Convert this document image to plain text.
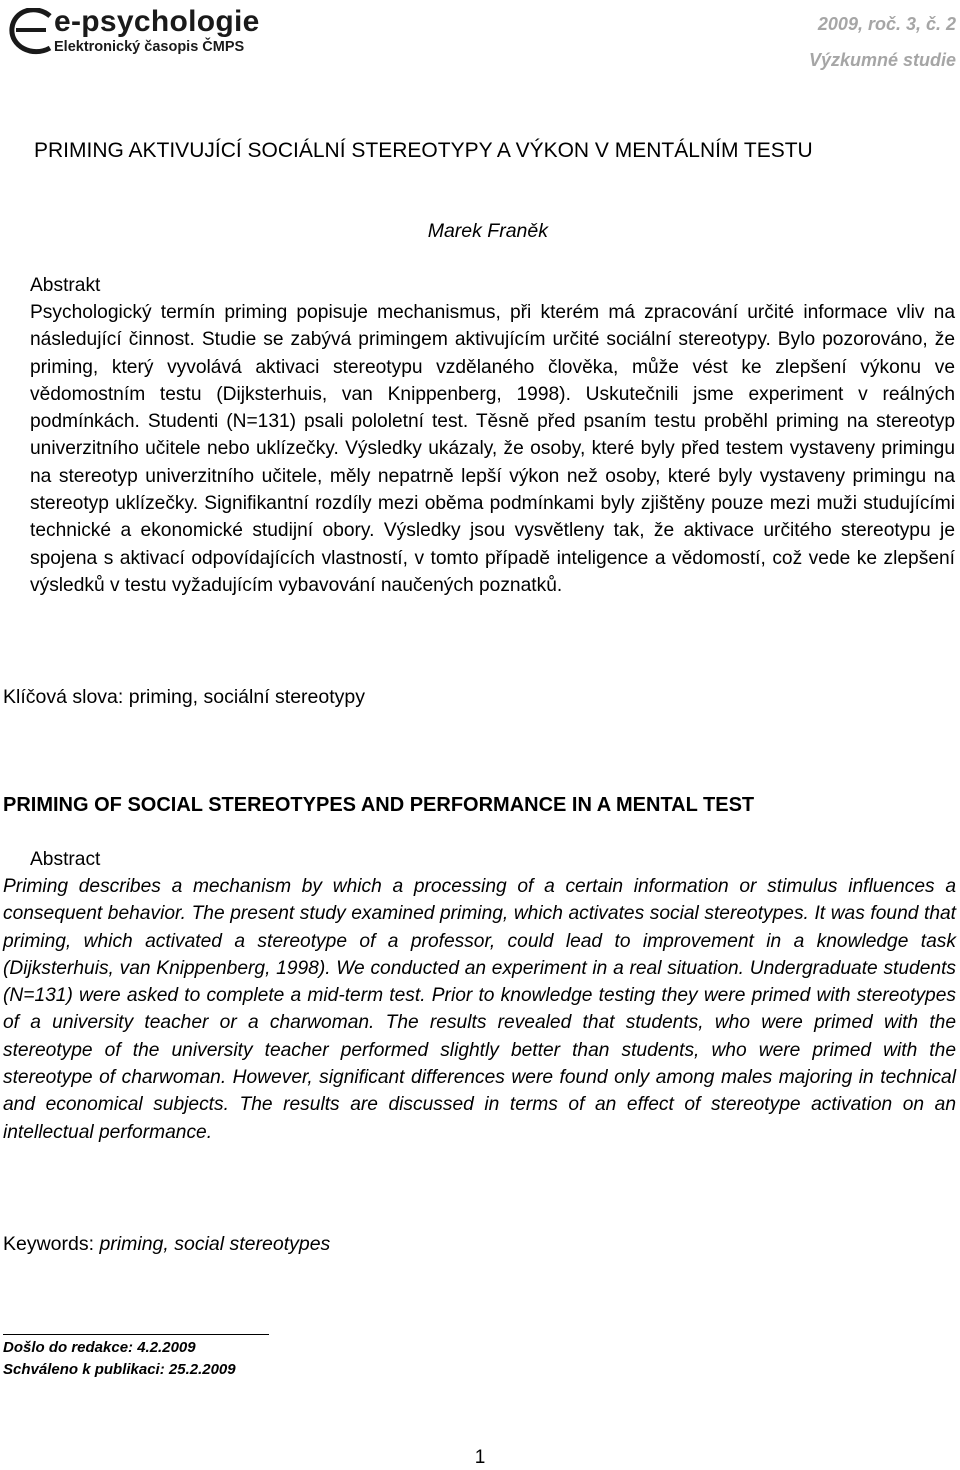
e-psychologie
Elektronický časopis ČMPS
2009, roč. 3, č. 2
Výzkumné studie
PRIMING AKTIVUJÍCÍ SOCIÁLNÍ STEREOTYPY A VÝKON V MENTÁLNÍM TESTU
Marek Franěk
Abstrakt
Psychologický termín priming popisuje mechanismus, při kterém má zpracování určité informace vliv na následující činnost. Studie se zabývá primingem aktivujícím určité sociální stereotypy. Bylo pozorováno, že priming, který vyvolává aktivaci stereotypu vzdělaného člověka, může vést ke zlepšení výkonu ve vědomostním testu (Dijksterhuis, van Knippenberg, 1998). Uskutečnili jsme experiment v reálných podmínkách. Studenti (N=131) psali pololetní test. Těsně před psaním testu proběhl priming na stereotyp univerzitního učitele nebo uklízečky. Výsledky ukázaly, že osoby, které byly před testem vystaveny primingu na stereotyp univerzitního učitele, měly nepatrně lepší výkon než osoby, které byly vystaveny primingu na stereotyp uklízečky. Signifikantní rozdíly mezi oběma podmínkami byly zjištěny pouze mezi muži studujícími technické a ekonomické studijní obory. Výsledky jsou vysvětleny tak, že aktivace určitého stereotypu je spojena s aktivací odpovídajících vlastností, v tomto případě inteligence a vědomostí, což vede ke zlepšení výsledků v testu vyžadujícím vybavování naučených poznatků.
Klíčová slova: priming, sociální stereotypy
PRIMING OF SOCIAL STEREOTYPES AND PERFORMANCE IN A MENTAL TEST
Abstract
Priming describes a mechanism by which a processing of a certain information or stimulus influences a consequent behavior. The present study examined priming, which activates social stereotypes. It was found that priming, which activated a stereotype of a professor, could lead to improvement in a knowledge task (Dijksterhuis, van Knippenberg, 1998). We conducted an experiment in a real situation. Undergraduate students (N=131) were asked to complete a mid-term test. Prior to knowledge testing they were primed with stereotypes of a university teacher or a charwoman. The results revealed that students, who were primed with the stereotype of the university teacher performed slightly better than students, who were primed with the stereotype of charwoman. However, significant differences were found only among males majoring in technical and economical subjects. The results are discussed in terms of an effect of stereotype activation on an intellectual performance.
Keywords: priming, social stereotypes
Došlo do redakce: 4.2.2009
Schváleno k publikaci: 25.2.2009
1
